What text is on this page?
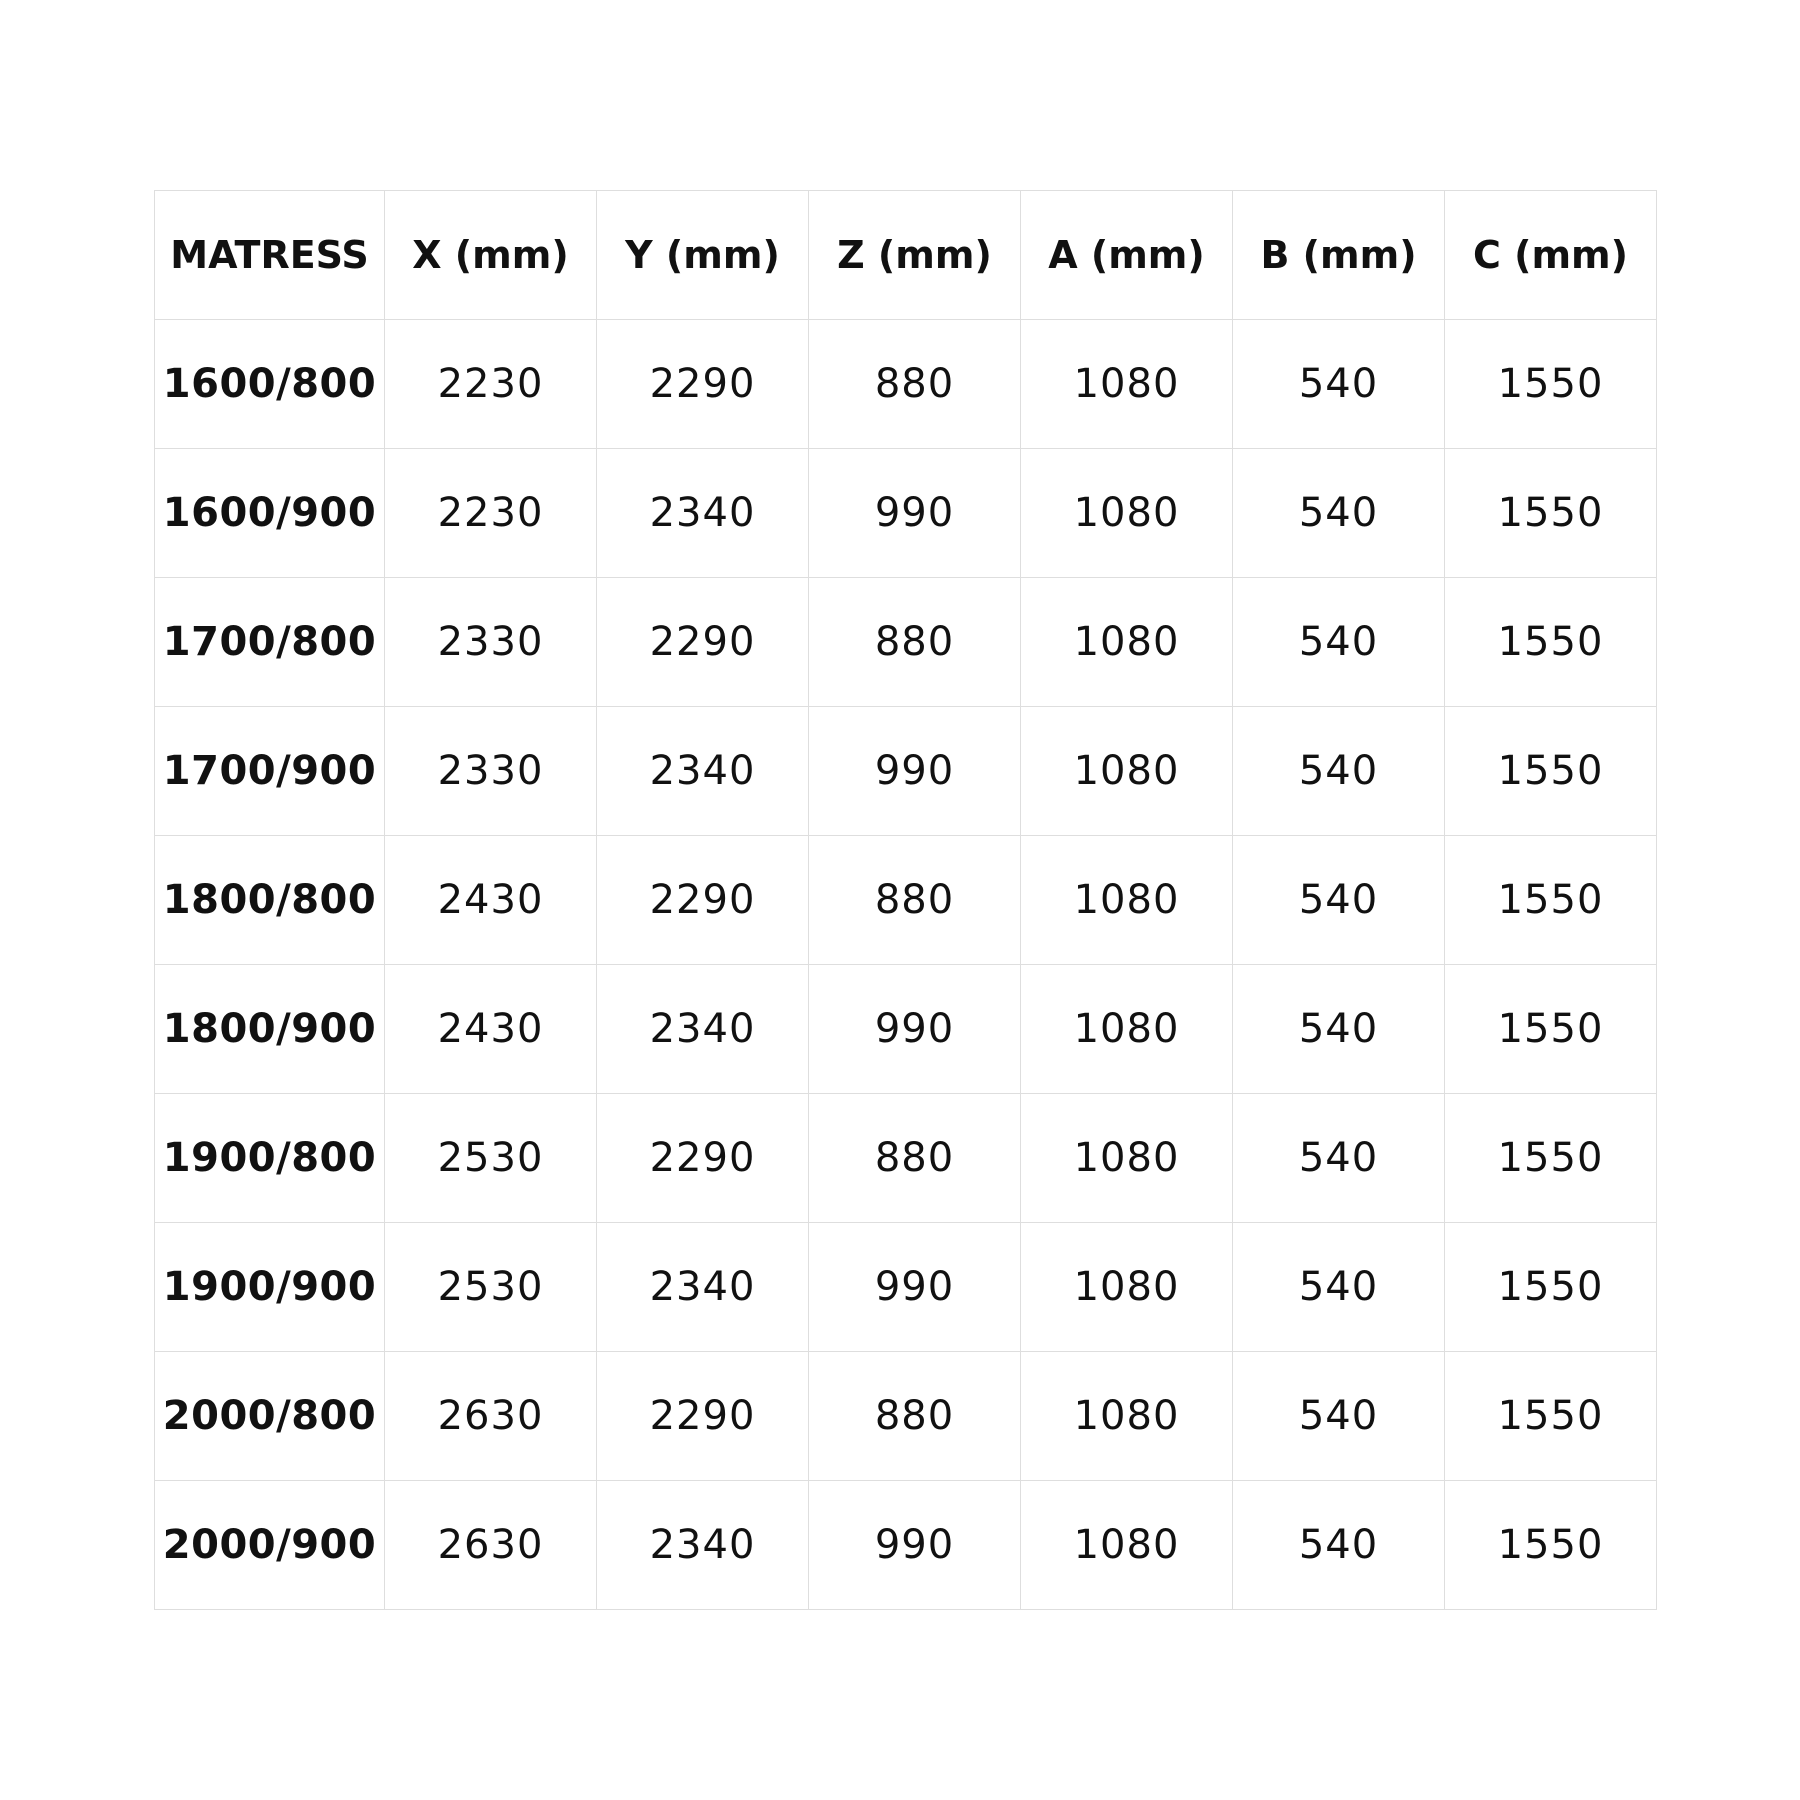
MATRESS	X (mm)	Y (mm)	Z (mm)	A (mm)	B (mm)	C (mm)
1600/800	2230	2290	880	1080	540	1550
1600/900	2230	2340	990	1080	540	1550
1700/800	2330	2290	880	1080	540	1550
1700/900	2330	2340	990	1080	540	1550
1800/800	2430	2290	880	1080	540	1550
1800/900	2430	2340	990	1080	540	1550
1900/800	2530	2290	880	1080	540	1550
1900/900	2530	2340	990	1080	540	1550
2000/800	2630	2290	880	1080	540	1550
2000/900	2630	2340	990	1080	540	1550
